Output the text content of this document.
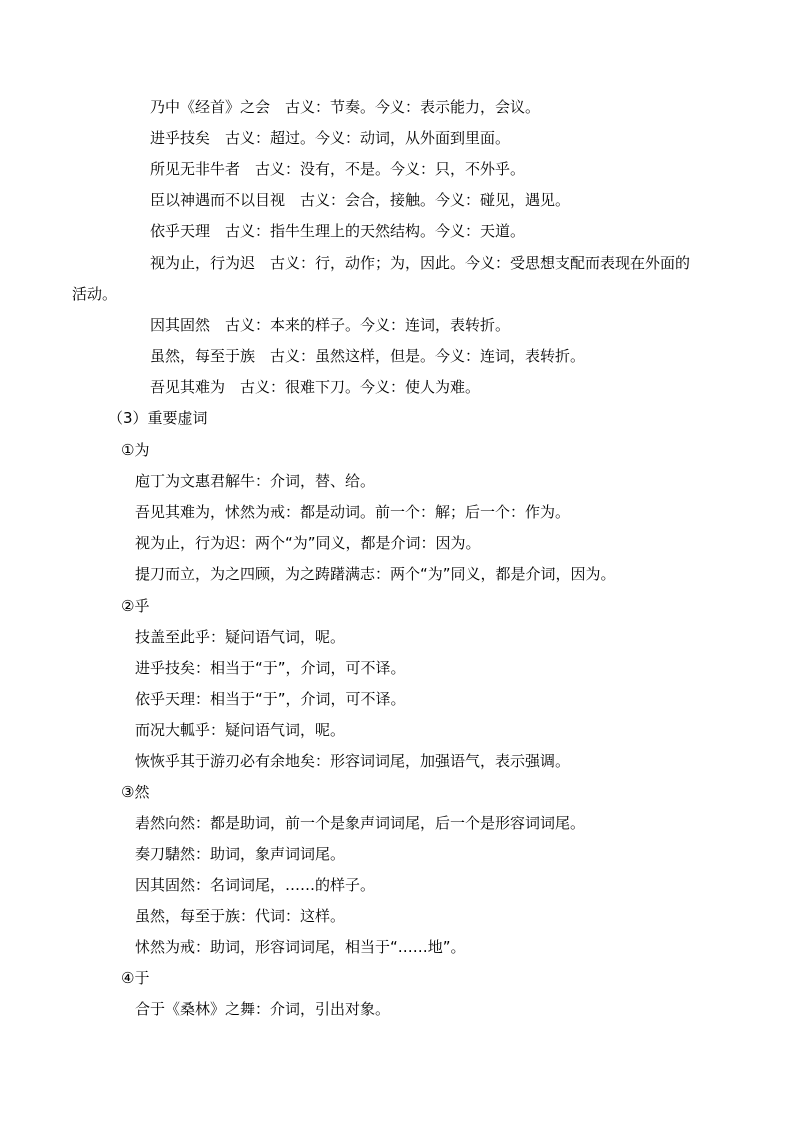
乃中《经首》之会　古义：节奏。今义：表示能力，会议。
进乎技矣　古义：超过。今义：动词，从外面到里面。
所见无非牛者　古义：没有，不是。今义：只，不外乎。
臣以神遇而不以目视　古义：会合，接触。今义：碰见，遇见。
依乎天理　古义：指牛生理上的天然结构。今义：天道。
视为止，行为迟　古义：行，动作；为，因此。今义：受思想支配而表现在外面的
活动。
因其固然　古义：本来的样子。今义：连词，表转折。
虽然，每至于族　古义：虽然这样，但是。今义：连词，表转折。
吾见其难为　古义：很难下刀。今义：使人为难。
（3）重要虚词
①为
庖丁为文惠君解牛：介词，替、给。
吾见其难为，怵然为戒：都是动词。前一个：解；后一个：作为。
视为止，行为迟：两个“为”同义，都是介词：因为。
提刀而立，为之四顾，为之踌躇满志：两个“为”同义，都是介词，因为。
②乎
技盖至此乎：疑问语气词，呢。
进乎技矣：相当于“于”，介词，可不译。
依乎天理：相当于“于”，介词，可不译。
而况大軱乎：疑问语气词，呢。
恢恢乎其于游刃必有余地矣：形容词词尾，加强语气，表示强调。
③然
砉然向然：都是助词，前一个是象声词词尾，后一个是形容词词尾。
奏刀騞然：助词，象声词词尾。
因其固然：名词词尾，……的样子。
虽然，每至于族：代词：这样。
怵然为戒：助词，形容词词尾，相当于“……地”。
④于
合于《桑林》之舞：介词，引出对象。
